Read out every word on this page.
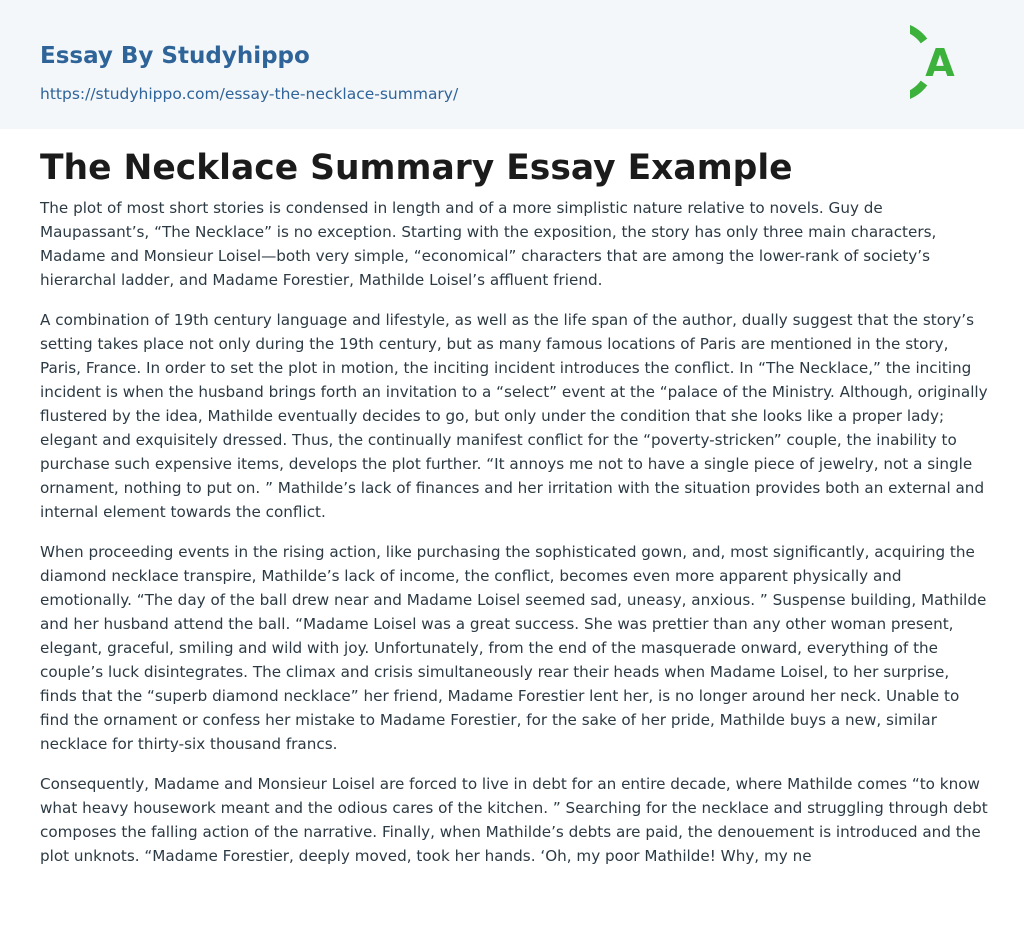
Essay By Studyhippo
https://studyhippo.com/essay-the-necklace-summary/
A
The Necklace Summary Essay Example

The plot of most short stories is condensed in length and of a more simplistic nature relative to novels. Guy de Maupassant’s, “The Necklace” is no exception. Starting with the exposition, the story has only three main characters, Madame and Monsieur Loisel—both very simple, “economical” characters that are among the lower-rank of society’s hierarchal ladder, and Madame Forestier, Mathilde Loisel’s affluent friend.

A combination of 19th century language and lifestyle, as well as the life span of the author, dually suggest that the story’s setting takes place not only during the 19th century, but as many famous locations of Paris are mentioned in the story, Paris, France. In order to set the plot in motion, the inciting incident introduces the conflict. In “The Necklace,” the inciting incident is when the husband brings forth an invitation to a “select” event at the “palace of the Ministry. Although, originally flustered by the idea, Mathilde eventually decides to go, but only under the condition that she looks like a proper lady; elegant and exquisitely dressed. Thus, the continually manifest conflict for the “poverty-stricken” couple, the inability to purchase such expensive items, develops the plot further. “It annoys me not to have a single piece of jewelry, not a single ornament, nothing to put on. ” Mathilde’s lack of finances and her irritation with the situation provides both an external and internal element towards the conflict.

When proceeding events in the rising action, like purchasing the sophisticated gown, and, most significantly, acquiring the diamond necklace transpire, Mathilde’s lack of income, the conflict, becomes even more apparent physically and emotionally. “The day of the ball drew near and Madame Loisel seemed sad, uneasy, anxious. ” Suspense building, Mathilde and her husband attend the ball. “Madame Loisel was a great success. She was prettier than any other woman present, elegant, graceful, smiling and wild with joy. Unfortunately, from the end of the masquerade onward, everything of the couple’s luck disintegrates. The climax and crisis simultaneously rear their heads when Madame Loisel, to her surprise, finds that the “superb diamond necklace” her friend, Madame Forestier lent her, is no longer around her neck. Unable to find the ornament or confess her mistake to Madame Forestier, for the sake of her pride, Mathilde buys a new, similar necklace for thirty-six thousand francs.

Consequently, Madame and Monsieur Loisel are forced to live in debt for an entire decade, where Mathilde comes “to know what heavy housework meant and the odious cares of the kitchen. ” Searching for the necklace and struggling through debt composes the falling action of the narrative. Finally, when Mathilde’s debts are paid, the denouement is introduced and the plot unknots. “Madame Forestier, deeply moved, took her hands. ‘Oh, my poor Mathilde! Why, my ne
